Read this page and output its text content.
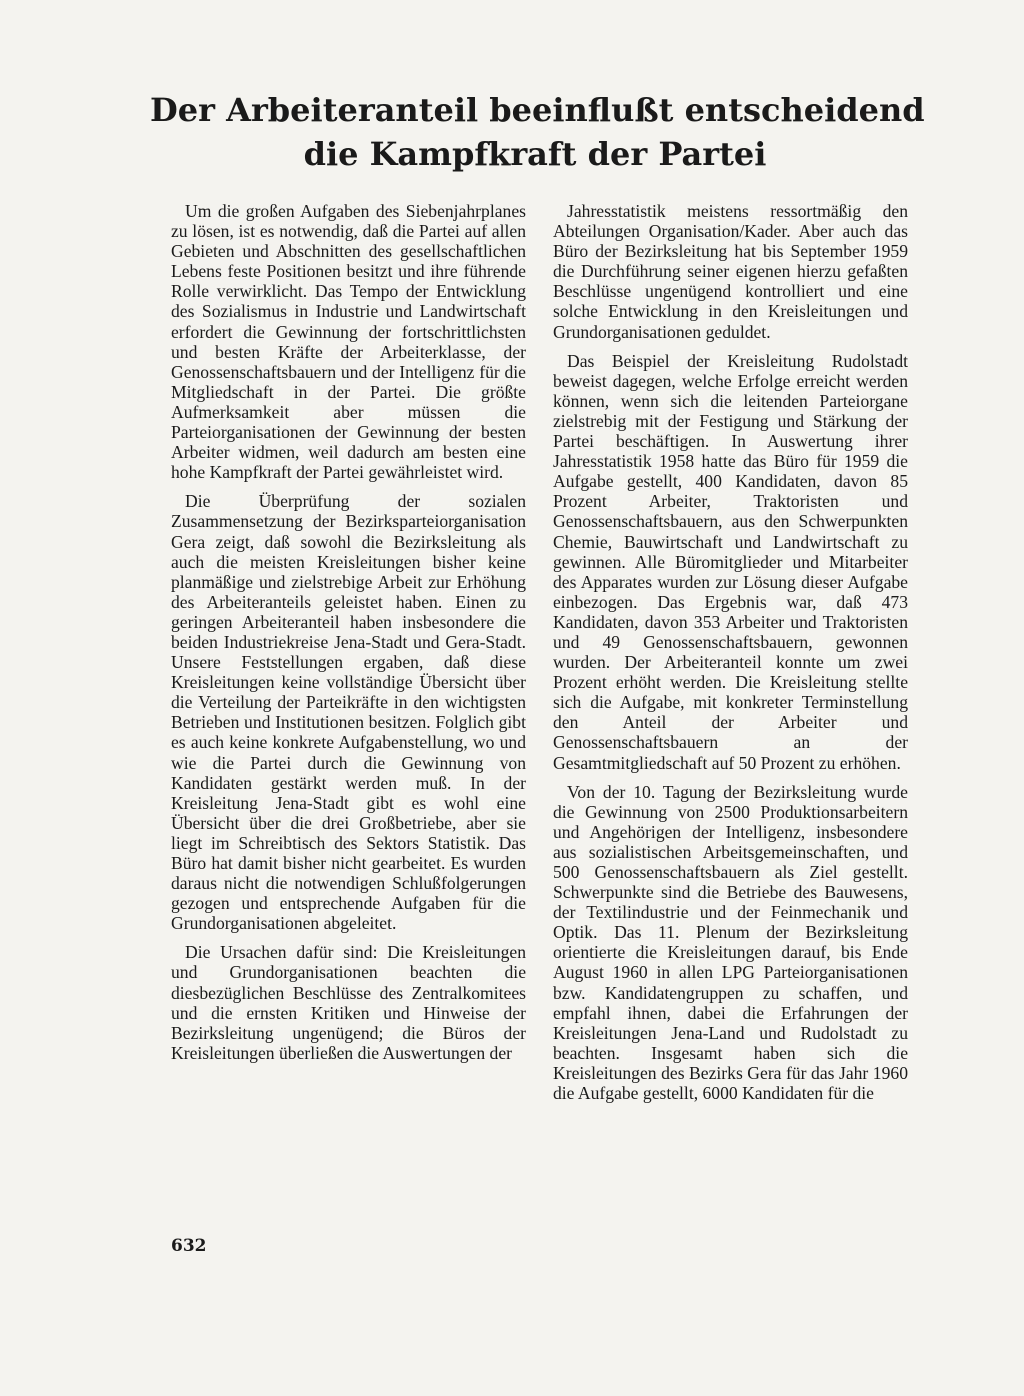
Der Arbeiteranteil beeinflußt entscheidend
die Kampfkraft der Partei

Um die großen Aufgaben des Siebenjahrplanes zu lösen, ist es notwendig, daß die Partei auf allen Gebieten und Abschnitten des gesellschaftlichen Lebens feste Positionen besitzt und ihre führende Rolle verwirklicht. Das Tempo der Entwicklung des Sozialismus in Industrie und Landwirtschaft erfordert die Gewinnung der fortschrittlichsten und besten Kräfte der Arbeiterklasse, der Genossenschaftsbauern und der Intelligenz für die Mitgliedschaft in der Partei. Die größte Aufmerksamkeit aber müssen die Parteiorganisationen der Gewinnung der besten Arbeiter widmen, weil dadurch am besten eine hohe Kampfkraft der Partei gewährleistet wird.

Die Überprüfung der sozialen Zusammensetzung der Bezirksparteiorganisation Gera zeigt, daß sowohl die Bezirksleitung als auch die meisten Kreisleitungen bisher keine planmäßige und zielstrebige Arbeit zur Erhöhung des Arbeiteranteils geleistet haben. Einen zu geringen Arbeiteranteil haben insbesondere die beiden Industriekreise Jena-Stadt und Gera-Stadt. Unsere Feststellungen ergaben, daß diese Kreisleitungen keine vollständige Übersicht über die Verteilung der Parteikräfte in den wichtigsten Betrieben und Institutionen besitzen. Folglich gibt es auch keine konkrete Aufgabenstellung, wo und wie die Partei durch die Gewinnung von Kandidaten gestärkt werden muß. In der Kreisleitung Jena-Stadt gibt es wohl eine Übersicht über die drei Großbetriebe, aber sie liegt im Schreibtisch des Sektors Statistik. Das Büro hat damit bisher nicht gearbeitet. Es wurden daraus nicht die notwendigen Schlußfolgerungen gezogen und entsprechende Aufgaben für die Grundorganisationen abgeleitet.

Die Ursachen dafür sind: Die Kreisleitungen und Grundorganisationen beachten die diesbezüglichen Beschlüsse des Zentralkomitees und die ernsten Kritiken und Hinweise der Bezirksleitung ungenügend; die Büros der Kreisleitungen überließen die Auswertungen der

Jahresstatistik meistens ressortmäßig den Abteilungen Organisation/Kader. Aber auch das Büro der Bezirksleitung hat bis September 1959 die Durchführung seiner eigenen hierzu gefaßten Beschlüsse ungenügend kontrolliert und eine solche Entwicklung in den Kreisleitungen und Grundorganisationen geduldet.

Das Beispiel der Kreisleitung Rudolstadt beweist dagegen, welche Erfolge erreicht werden können, wenn sich die leitenden Parteiorgane zielstrebig mit der Festigung und Stärkung der Partei beschäftigen. In Auswertung ihrer Jahresstatistik 1958 hatte das Büro für 1959 die Aufgabe gestellt, 400 Kandidaten, davon 85 Prozent Arbeiter, Traktoristen und Genossenschaftsbauern, aus den Schwerpunkten Chemie, Bauwirtschaft und Landwirtschaft zu gewinnen. Alle Büromitglieder und Mitarbeiter des Apparates wurden zur Lösung dieser Aufgabe einbezogen. Das Ergebnis war, daß 473 Kandidaten, davon 353 Arbeiter und Traktoristen und 49 Genossenschaftsbauern, gewonnen wurden. Der Arbeiteranteil konnte um zwei Prozent erhöht werden. Die Kreisleitung stellte sich die Aufgabe, mit konkreter Terminstellung den Anteil der Arbeiter und Genossenschaftsbauern an der Gesamtmitgliedschaft auf 50 Prozent zu erhöhen.

Von der 10. Tagung der Bezirksleitung wurde die Gewinnung von 2500 Produktionsarbeitern und Angehörigen der Intelligenz, insbesondere aus sozialistischen Arbeitsgemeinschaften, und 500 Genossenschaftsbauern als Ziel gestellt. Schwerpunkte sind die Betriebe des Bauwesens, der Textilindustrie und der Feinmechanik und Optik. Das 11. Plenum der Bezirksleitung orientierte die Kreisleitungen darauf, bis Ende August 1960 in allen LPG Parteiorganisationen bzw. Kandidatengruppen zu schaffen, und empfahl ihnen, dabei die Erfahrungen der Kreisleitungen Jena-Land und Rudolstadt zu beachten. Insgesamt haben sich die Kreisleitungen des Bezirks Gera für das Jahr 1960 die Aufgabe gestellt, 6000 Kandidaten für die

632
